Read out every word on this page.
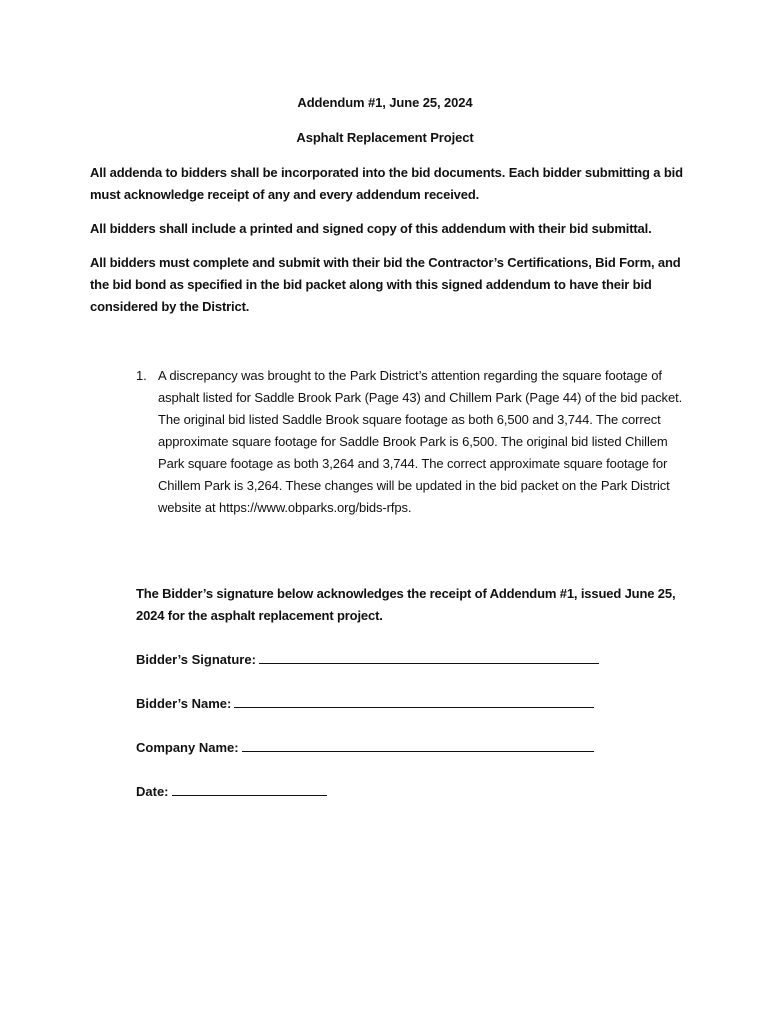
Addendum #1, June 25, 2024
Asphalt Replacement Project
All addenda to bidders shall be incorporated into the bid documents. Each bidder submitting a bid must acknowledge receipt of any and every addendum received.
All bidders shall include a printed and signed copy of this addendum with their bid submittal.
All bidders must complete and submit with their bid the Contractor’s Certifications, Bid Form, and the bid bond as specified in the bid packet along with this signed addendum to have their bid considered by the District.
1. A discrepancy was brought to the Park District’s attention regarding the square footage of asphalt listed for Saddle Brook Park (Page 43) and Chillem Park (Page 44) of the bid packet. The original bid listed Saddle Brook square footage as both 6,500 and 3,744. The correct approximate square footage for Saddle Brook Park is 6,500. The original bid listed Chillem Park square footage as both 3,264 and 3,744. The correct approximate square footage for Chillem Park is 3,264. These changes will be updated in the bid packet on the Park District website at https://www.obparks.org/bids-rfps.
The Bidder’s signature below acknowledges the receipt of Addendum #1, issued June 25, 2024 for the asphalt replacement project.
Bidder’s Signature:
Bidder’s Name:
Company Name:
Date:
